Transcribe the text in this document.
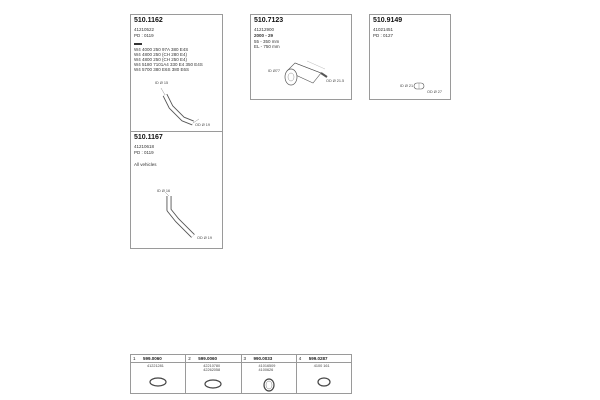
510.1162
41210522
PD : 0119
W4 4000 250 97A 380 E4S
W4 4800 250 (CH 280 E4)
W4 4800 250 (CH 250 E4)
W4 5180 7101A4 330 E4 350 E4S
W4 5700 380 E6S 380 E6S
ID Ø 15
OD Ø 19
510.7123
41212900
2000 - 29
55 - 350 mm
EL - 750 mm
ID Ø77
OD Ø 21.5
510.9149
41021451
PD : 0127
ID Ø 21
OD Ø 27
510.1167
41210618
PD : 0119
All vehicles
ID Ø 16
OD Ø 19
1 599.0060
41221281
2 599.0060
42210780
42262058
3 990.0033
41016509
4100626
4 599.0287
4100 161
